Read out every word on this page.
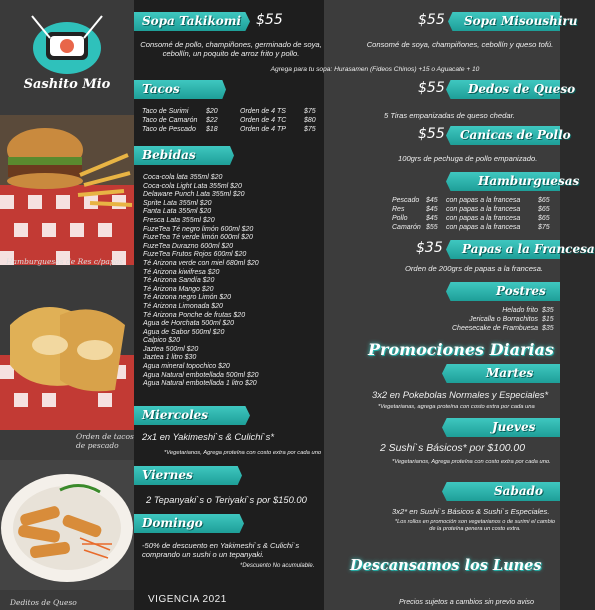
Sashito Mio
Hamburguesas de Res c/papas
Orden de tacos de pescado
Deditos de Queso
Sopa Takikomi $55
Consomé de pollo, champiñones, germinado de soya, cebollín, un poquito de arroz frito y pollo.
$55 Sopa Misoushiru
Consomé de soya, champiñones, cebollín y queso tofú.
Agrega para tu sopa: Hurasamen (Fideos Chinos) +15 o Aguacate + 10
Tacos
Taco de Surimi	$20	Orden de 4 TS	$75
Taco de Camarón	$22	Orden de 4 TC	$80
Taco de Pescado	$18	Orden de 4 TP	$75
Bebidas
Coca-cola lata 355ml $20
Coca-cola Light Lata 355ml $20
Delaware Punch Lata 355ml $20
Sprite Lata 355ml $20
Fanta Lata 355ml $20
Fresca Lata 355ml $20
FuzeTea Té negro limón 600ml $20
FuzeTea Té verde limón 600ml $20
FuzeTea Durazno 600ml $20
FuzeTea Frutos Rojos 600ml $20
Té Arizona verde con miel 680ml $20
Té Arizona kiwifresa $20
Té Arizona Sandía $20
Té Arizona Mango $20
Té Arizona negro Limón $20
Té Arizona Limonada $20
Té Arizona Ponche de frutas $20
Agua de Horchata 500ml $20
Agua de Sabor 500ml $20
Calpico $20
Jaztea 500ml $20
Jaztea 1 litro $30
Agua mineral topochico $20
Agua Natural embotellada 500ml $20
Agua Natural embotellada 1 litro $20
$55 Dedos de Queso
5 Tiras empanizadas de queso chedar.
$55 Canicas de Pollo
100grs de pechuga de pollo empanizado.
Hamburguesas
Pescado $45	con papas a la francesa	$65
Res	$45	con papas a la francesa	$65
Pollo	$45	con papas a la francesa	$65
Camarón $55	con papas a la francesa	$75
$35 Papas a la Francesa
Orden de 200grs de papas a la francesa.
Postres
Helado frito $35
Jericalla o Borrachitos $15
Cheesecake de Frambuesa $35
Promociones Diarias
Martes
3x2 en Pokebolas Normales y Especiales*
*Vegetarianas, agrega proteína con costo extra por cada una
Miercoles
2x1 en Yakimeshi`s & Culichi`s*
*Vegetarianos, Agrega proteína con costo extra por cada uno
Jueves
2 Sushi`s Básicos* por $100.00
*Vegetarianos, Agrega proteína con costo extra por cada uno.
Viernes
2 Tepanyaki`s o Teriyaki`s por $150.00
Sabado
3x2* en Sushi`s Básicos & Sushi`s Especiales.
*Los rollos en promoción son vegetarianos o de surimi el cambio de la proteína genera un costo extra.
Domingo
-50% de descuento en Yakimeshi`s & Culichi`s comprando un sushi o un tepanyaki.
*Descuento No acumulable. Descansamos los Lunes
VIGENCIA 2021	Precios sujetos a cambios sin previo aviso
